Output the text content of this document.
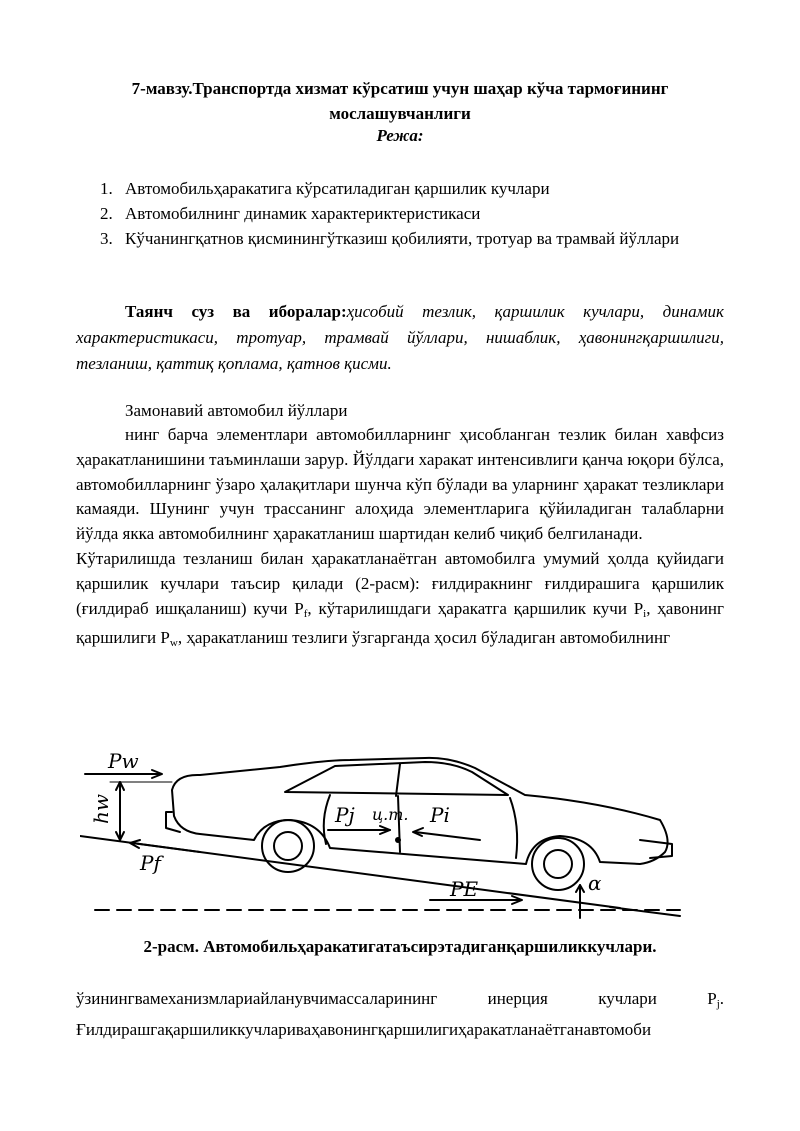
7-мавзу.Транспортда хизмат кўрсатиш учун шаҳар кўча тармоғининг
мослашувчанлиги
Режа:
1. Автомобильҳаракатига кўрсатиладиган қаршилик кучлари
2. Автомобилнинг динамик характериктеристикаси
3. Кўчанингқатнов қисминингўтказиш қобилияти, тротуар ва трамвай йўллари
Таянч суз ва иборалар:ҳисобий тезлик, қаршилик кучлари, динамик характеристикаси, тротуар, трамвай йўллари, нишаблик, ҳавонингқаршилиги, тезланиш, қаттиқ қоплама, қатнов қисми.
Замонавий автомобил йўллари

нинг барча элементлари автомобилларнинг ҳисобланган тезлик билан хавфсиз ҳаракатланишини таъминлаши зарур. Йўлдаги харакат интенсивлиги қанча юқори бўлса, автомобилларнинг ўзаро ҳалақитлари шунча кўп бўлади ва уларнинг ҳаракат тезликлари камаяди. Шунинг учун трассанинг алоҳида элементларига қўйиладиган талабларни йўлда якка автомобилнинг ҳаракатланиш шартидан келиб чиқиб белгиланади.

Кўтарилишда тезланиш билан ҳаракатланаётган автомобилга умумий ҳолда қуйидаги қаршилик кучлари таъсир қилади (2-расм): ғилдиракнинг ғилдирашига қаршилик (ғилдираб ишқаланиш) кучи $P_f$, кўтарилишдаги ҳаракатга қаршилик кучи $P_i$, ҳавонинг қаршилиги $P_w$, ҳаракатланиш тезлиги ўзгарганда ҳосил бўладиган автомобилнинг

Pw
hw
Pf
Pj ц.т. Pi
PE	α
2-расм. Автомобильҳаракатигатаъсирэтадиганқаршиликкучлари.
ўзинингвамеханизмлариайланувчимассаларининг инерция кучлари $P_j$.
Ғилдирашгақаршиликкучлариваҳавонингқаршилигиҳаракатланаётганавтомоби
